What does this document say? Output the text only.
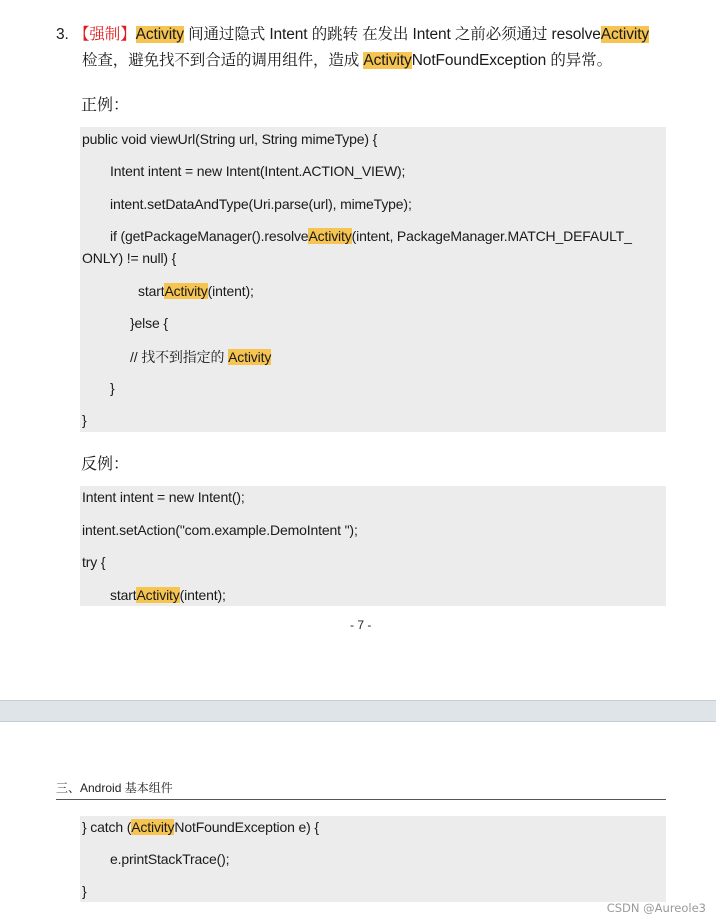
3. 【强制】Activity 间通过隐式 Intent 的跳转 在发出 Intent 之前必须通过 resolveActivity
检查，避免找不到合适的调用组件，造成 ActivityNotFoundException 的异常。
正例：
public void viewUrl(String url, String mimeType) {
Intent intent = new Intent(Intent.ACTION_VIEW);
intent.setDataAndType(Uri.parse(url), mimeType);
if (getPackageManager().resolveActivity(intent, PackageManager.MATCH_DEFAULT_
ONLY) != null) {
startActivity(intent);
}else {
// 找不到指定的 Activity
}
}
反例：
Intent intent = new Intent();
intent.setAction("com.example.DemoIntent ");
try {
startActivity(intent);
- 7 -
三、Android 基本组件
} catch (ActivityNotFoundException e) {
e.printStackTrace();
}
CSDN @Aureole3
